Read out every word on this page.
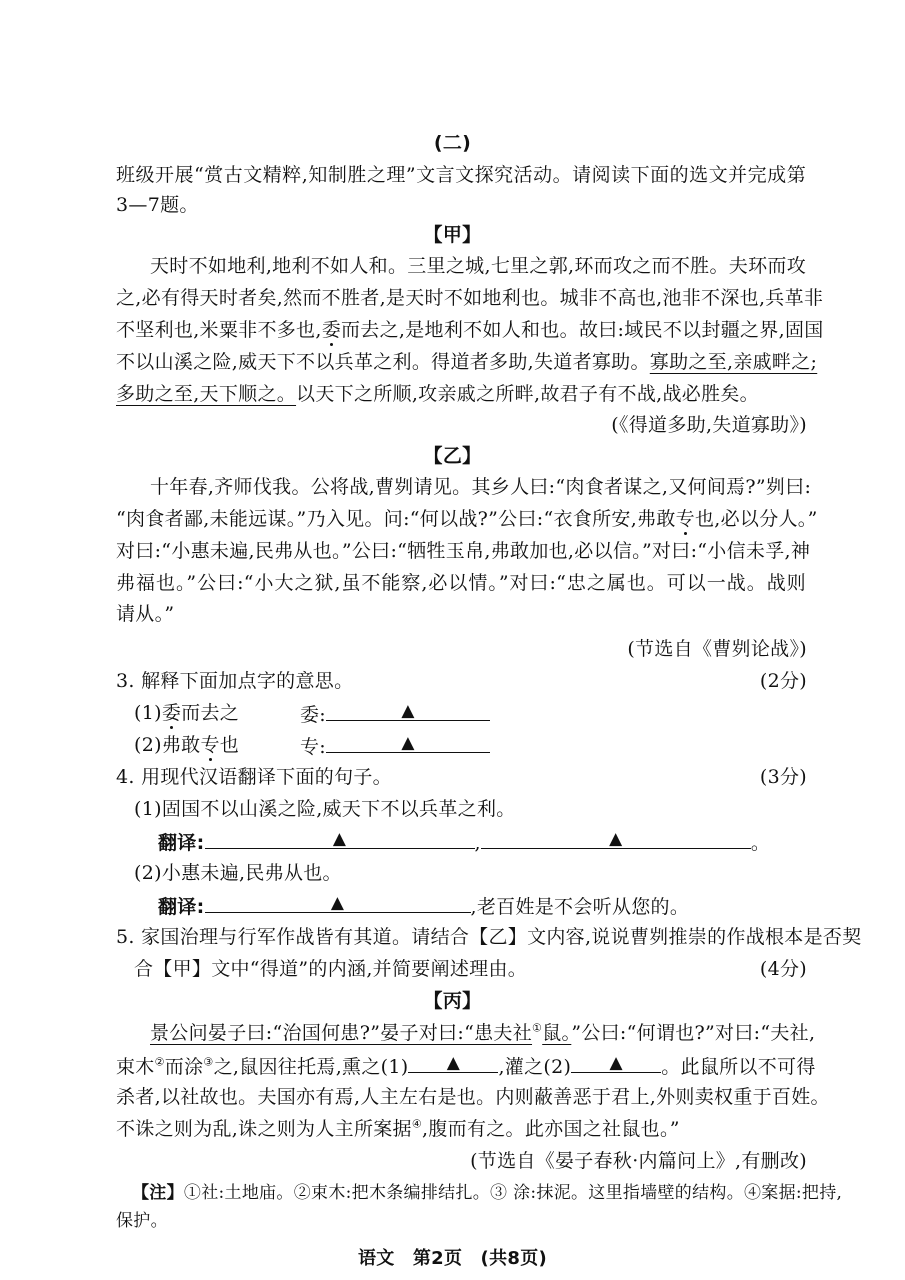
(二)
班级开展“赏古文精粹,知制胜之理”文言文探究活动。请阅读下面的选文并完成第
3—7题。
【甲】
天时不如地利,地利不如人和。三里之城,七里之郭,环而攻之而不胜。夫环而攻
之,必有得天时者矣,然而不胜者,是天时不如地利也。城非不高也,池非不深也,兵革非
不坚利也,米粟非不多也,委而去之,是地利不如人和也。故曰:域民不以封疆之界,固国
不以山溪之险,威天下不以兵革之利。得道者多助,失道者寡助。寡助之至,亲戚畔之;
多助之至,天下顺之。以天下之所顺,攻亲戚之所畔,故君子有不战,战必胜矣。
(《得道多助,失道寡助》)
【乙】
十年春,齐师伐我。公将战,曹刿请见。其乡人曰:“肉食者谋之,又何间焉?”刿曰:
“肉食者鄙,未能远谋。”乃入见。问:“何以战?”公曰:“衣食所安,弗敢专也,必以分人。”
对曰:“小惠未遍,民弗从也。”公曰:“牺牲玉帛,弗敢加也,必以信。”对曰:“小信未孚,神
弗福也。”公曰:“小大之狱,虽不能察,必以情。”对曰:“忠之属也。可以一战。战则
请从。”
(节选自《曹刿论战》)
3. 解释下面加点字的意思。	(2分)
(1)委而去之	委:	▲
(2)弗敢专也	专:	▲
4. 用现代汉语翻译下面的句子。	(3分)
(1)固国不以山溪之险,威天下不以兵革之利。
翻译:	▲	,	▲	。
(2)小惠未遍,民弗从也。
翻译:	▲	,老百姓是不会听从您的。
5. 家国治理与行军作战皆有其道。请结合【乙】文内容,说说曹刿推崇的作战根本是否契
合【甲】文中“得道”的内涵,并简要阐述理由。	(4分)
【丙】
景公问晏子曰:“治国何患?”晏子对曰:“患夫社①鼠。”公曰:“何谓也?”对曰:“夫社,
束木②而涂③之,鼠因往托焉,熏之(1)	▲	,灌之(2)	▲	。此鼠所以不可得
杀者,以社故也。夫国亦有焉,人主左右是也。内则蔽善恶于君上,外则卖权重于百姓。
不诛之则为乱,诛之则为人主所案据④,腹而有之。此亦国之社鼠也。”
(节选自《晏子春秋·内篇问上》,有删改)
【注】①社:土地庙。②束木:把木条编排结扎。③ 涂:抹泥。这里指墙壁的结构。④案据:把持,
保护。
语文　第2页　(共8页)
